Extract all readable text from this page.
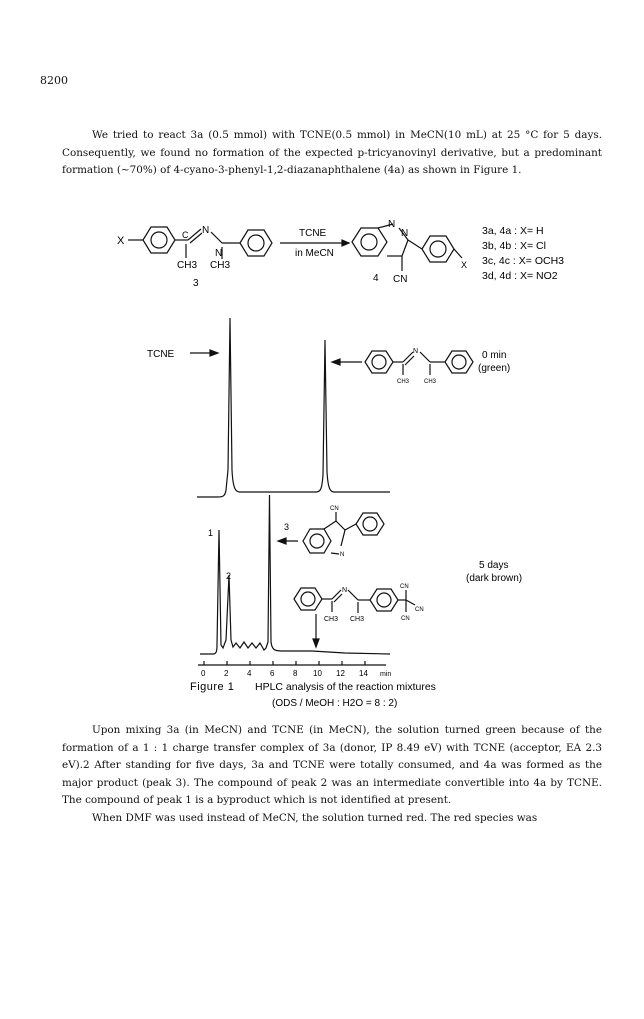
8200

We tried to react 3a (0.5 mmol) with TCNE(0.5 mmol) in MeCN(10 mL) at 25 °C for 5 days. Consequently, we found no formation of the expected p-tricyanovinyl derivative, but a predominant formation (~70%) of 4-cyano-3-phenyl-1,2-diazanaphthalene (4a) as shown in Figure 1.

X	C N
N
CH3 CH3
3
TCNE
in MeCN
N
N
4 CN
X
3a, 4a : X= H
3b, 4b : X= Cl
3c, 4c : X= OCH3
3d, 4d : X= NO2
TCNE	0 min
(green)
N
CH3 CH3
1
2
3
CN
N
5 days
(dark brown)
N
CH3 CH3
CN
CN
CN
0 2 4 6 8 10 12 14 min
Figure 1 HPLC analysis of the reaction mixtures
(ODS / MeOH : H2O = 8 : 2)

Upon mixing 3a (in MeCN) and TCNE (in MeCN), the solution turned green because of the formation of a 1 : 1 charge transfer complex of 3a (donor, IP 8.49 eV) with TCNE (acceptor, EA 2.3 eV).2 After standing for five days, 3a and TCNE were totally consumed, and 4a was formed as the major product (peak 3). The compound of peak 2 was an intermediate convertible into 4a by TCNE. The compound of peak 1 is a byproduct which is not identified at present.

When DMF was used instead of MeCN, the solution turned red. The red species was
